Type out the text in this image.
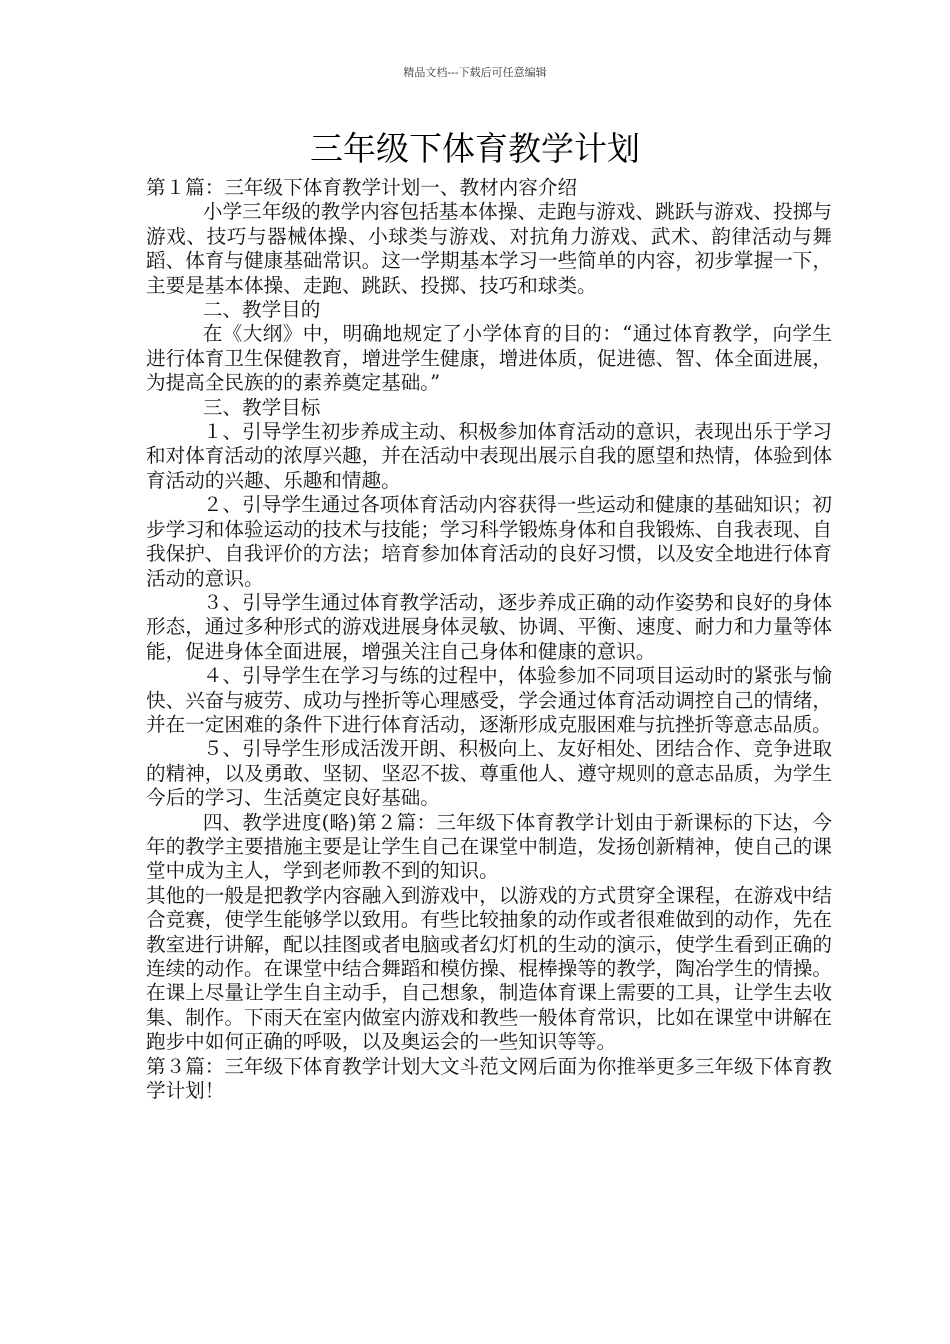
精品文档---下载后可任意编辑
三年级下体育教学计划

第１篇：三年级下体育教学计划一、教材内容介绍

小学三年级的教学内容包括基本体操、走跑与游戏、跳跃与游戏、投掷与游戏、技巧与器械体操、小球类与游戏、对抗角力游戏、武术、韵律活动与舞蹈、体育与健康基础常识。这一学期基本学习一些简单的内容，初步掌握一下，主要是基本体操、走跑、跳跃、投掷、技巧和球类。

二、教学目的

在《大纲》中，明确地规定了小学体育的目的：“通过体育教学，向学生进行体育卫生保健教育，增进学生健康，增进体质，促进德、智、体全面进展，为提高全民族的的素养奠定基础。”

三、教学目标

１、引导学生初步养成主动、积极参加体育活动的意识，表现出乐于学习和对体育活动的浓厚兴趣，并在活动中表现出展示自我的愿望和热情，体验到体育活动的兴趣、乐趣和情趣。

２、引导学生通过各项体育活动内容获得一些运动和健康的基础知识；初步学习和体验运动的技术与技能；学习科学锻炼身体和自我锻炼、自我表现、自我保护、自我评价的方法；培育参加体育活动的良好习惯，以及安全地进行体育活动的意识。

３、引导学生通过体育教学活动，逐步养成正确的动作姿势和良好的身体形态，通过多种形式的游戏进展身体灵敏、协调、平衡、速度、耐力和力量等体能，促进身体全面进展，增强关注自己身体和健康的意识。

４、引导学生在学习与练的过程中，体验参加不同项目运动时的紧张与愉快、兴奋与疲劳、成功与挫折等心理感受，学会通过体育活动调控自己的情绪，并在一定困难的条件下进行体育活动，逐渐形成克服困难与抗挫折等意志品质。

５、引导学生形成活泼开朗、积极向上、友好相处、团结合作、竞争进取的精神，以及勇敢、坚韧、坚忍不拔、尊重他人、遵守规则的意志品质，为学生今后的学习、生活奠定良好基础。

四、教学进度(略)第２篇：三年级下体育教学计划由于新课标的下达，今年的教学主要措施主要是让学生自己在课堂中制造，发扬创新精神，使自己的课堂中成为主人，学到老师教不到的知识。

其他的一般是把教学内容融入到游戏中，以游戏的方式贯穿全课程，在游戏中结合竞赛，使学生能够学以致用。有些比较抽象的动作或者很难做到的动作，先在教室进行讲解，配以挂图或者电脑或者幻灯机的生动的演示，使学生看到正确的连续的动作。在课堂中结合舞蹈和模仿操、棍棒操等的教学，陶冶学生的情操。在课上尽量让学生自主动手，自己想象，制造体育课上需要的工具，让学生去收集、制作。下雨天在室内做室内游戏和教些一般体育常识，比如在课堂中讲解在跑步中如何正确的呼吸，以及奥运会的一些知识等等。

第３篇：三年级下体育教学计划大文斗范文网后面为你推举更多三年级下体育教学计划！
